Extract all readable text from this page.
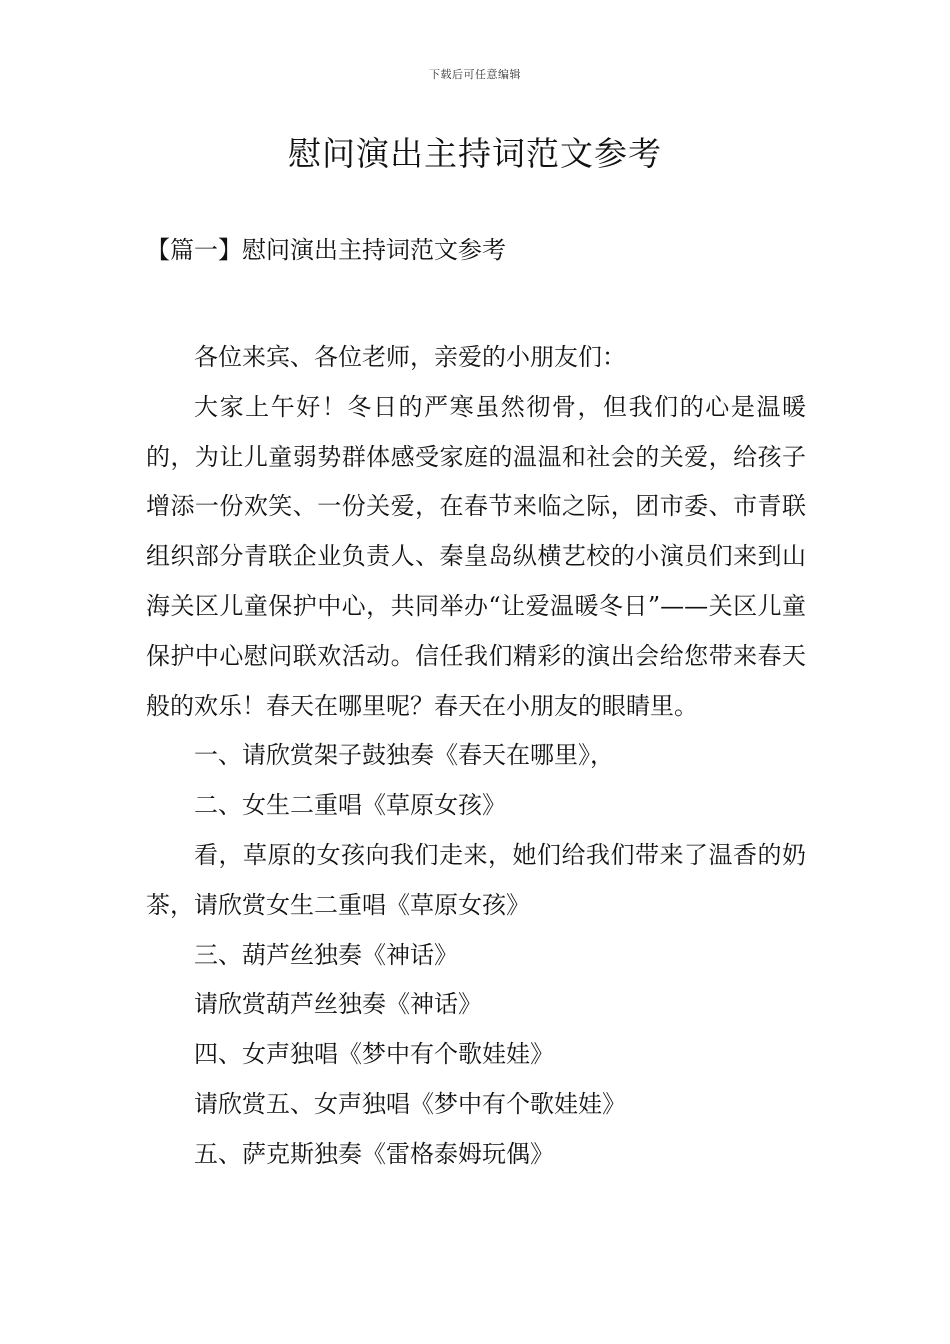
下载后可任意编辑
慰问演出主持词范文参考
【篇一】慰问演出主持词范文参考

各位来宾、各位老师，亲爱的小朋友们：

大家上午好！冬日的严寒虽然彻骨，但我们的心是温暖的，为让儿童弱势群体感受家庭的温温和社会的关爱，给孩子增添一份欢笑、一份关爱，在春节来临之际，团市委、市青联组织部分青联企业负责人、秦皇岛纵横艺校的小演员们来到山海关区儿童保护中心，共同举办“让爱温暖冬日”——关区儿童保护中心慰问联欢活动。信任我们精彩的演出会给您带来春天般的欢乐！春天在哪里呢？春天在小朋友的眼睛里。

一、请欣赏架子鼓独奏《春天在哪里》，

二、女生二重唱《草原女孩》

看，草原的女孩向我们走来，她们给我们带来了温香的奶茶，请欣赏女生二重唱《草原女孩》

三、葫芦丝独奏《神话》

请欣赏葫芦丝独奏《神话》

四、女声独唱《梦中有个歌娃娃》

请欣赏五、女声独唱《梦中有个歌娃娃》

五、萨克斯独奏《雷格泰姆玩偶》
